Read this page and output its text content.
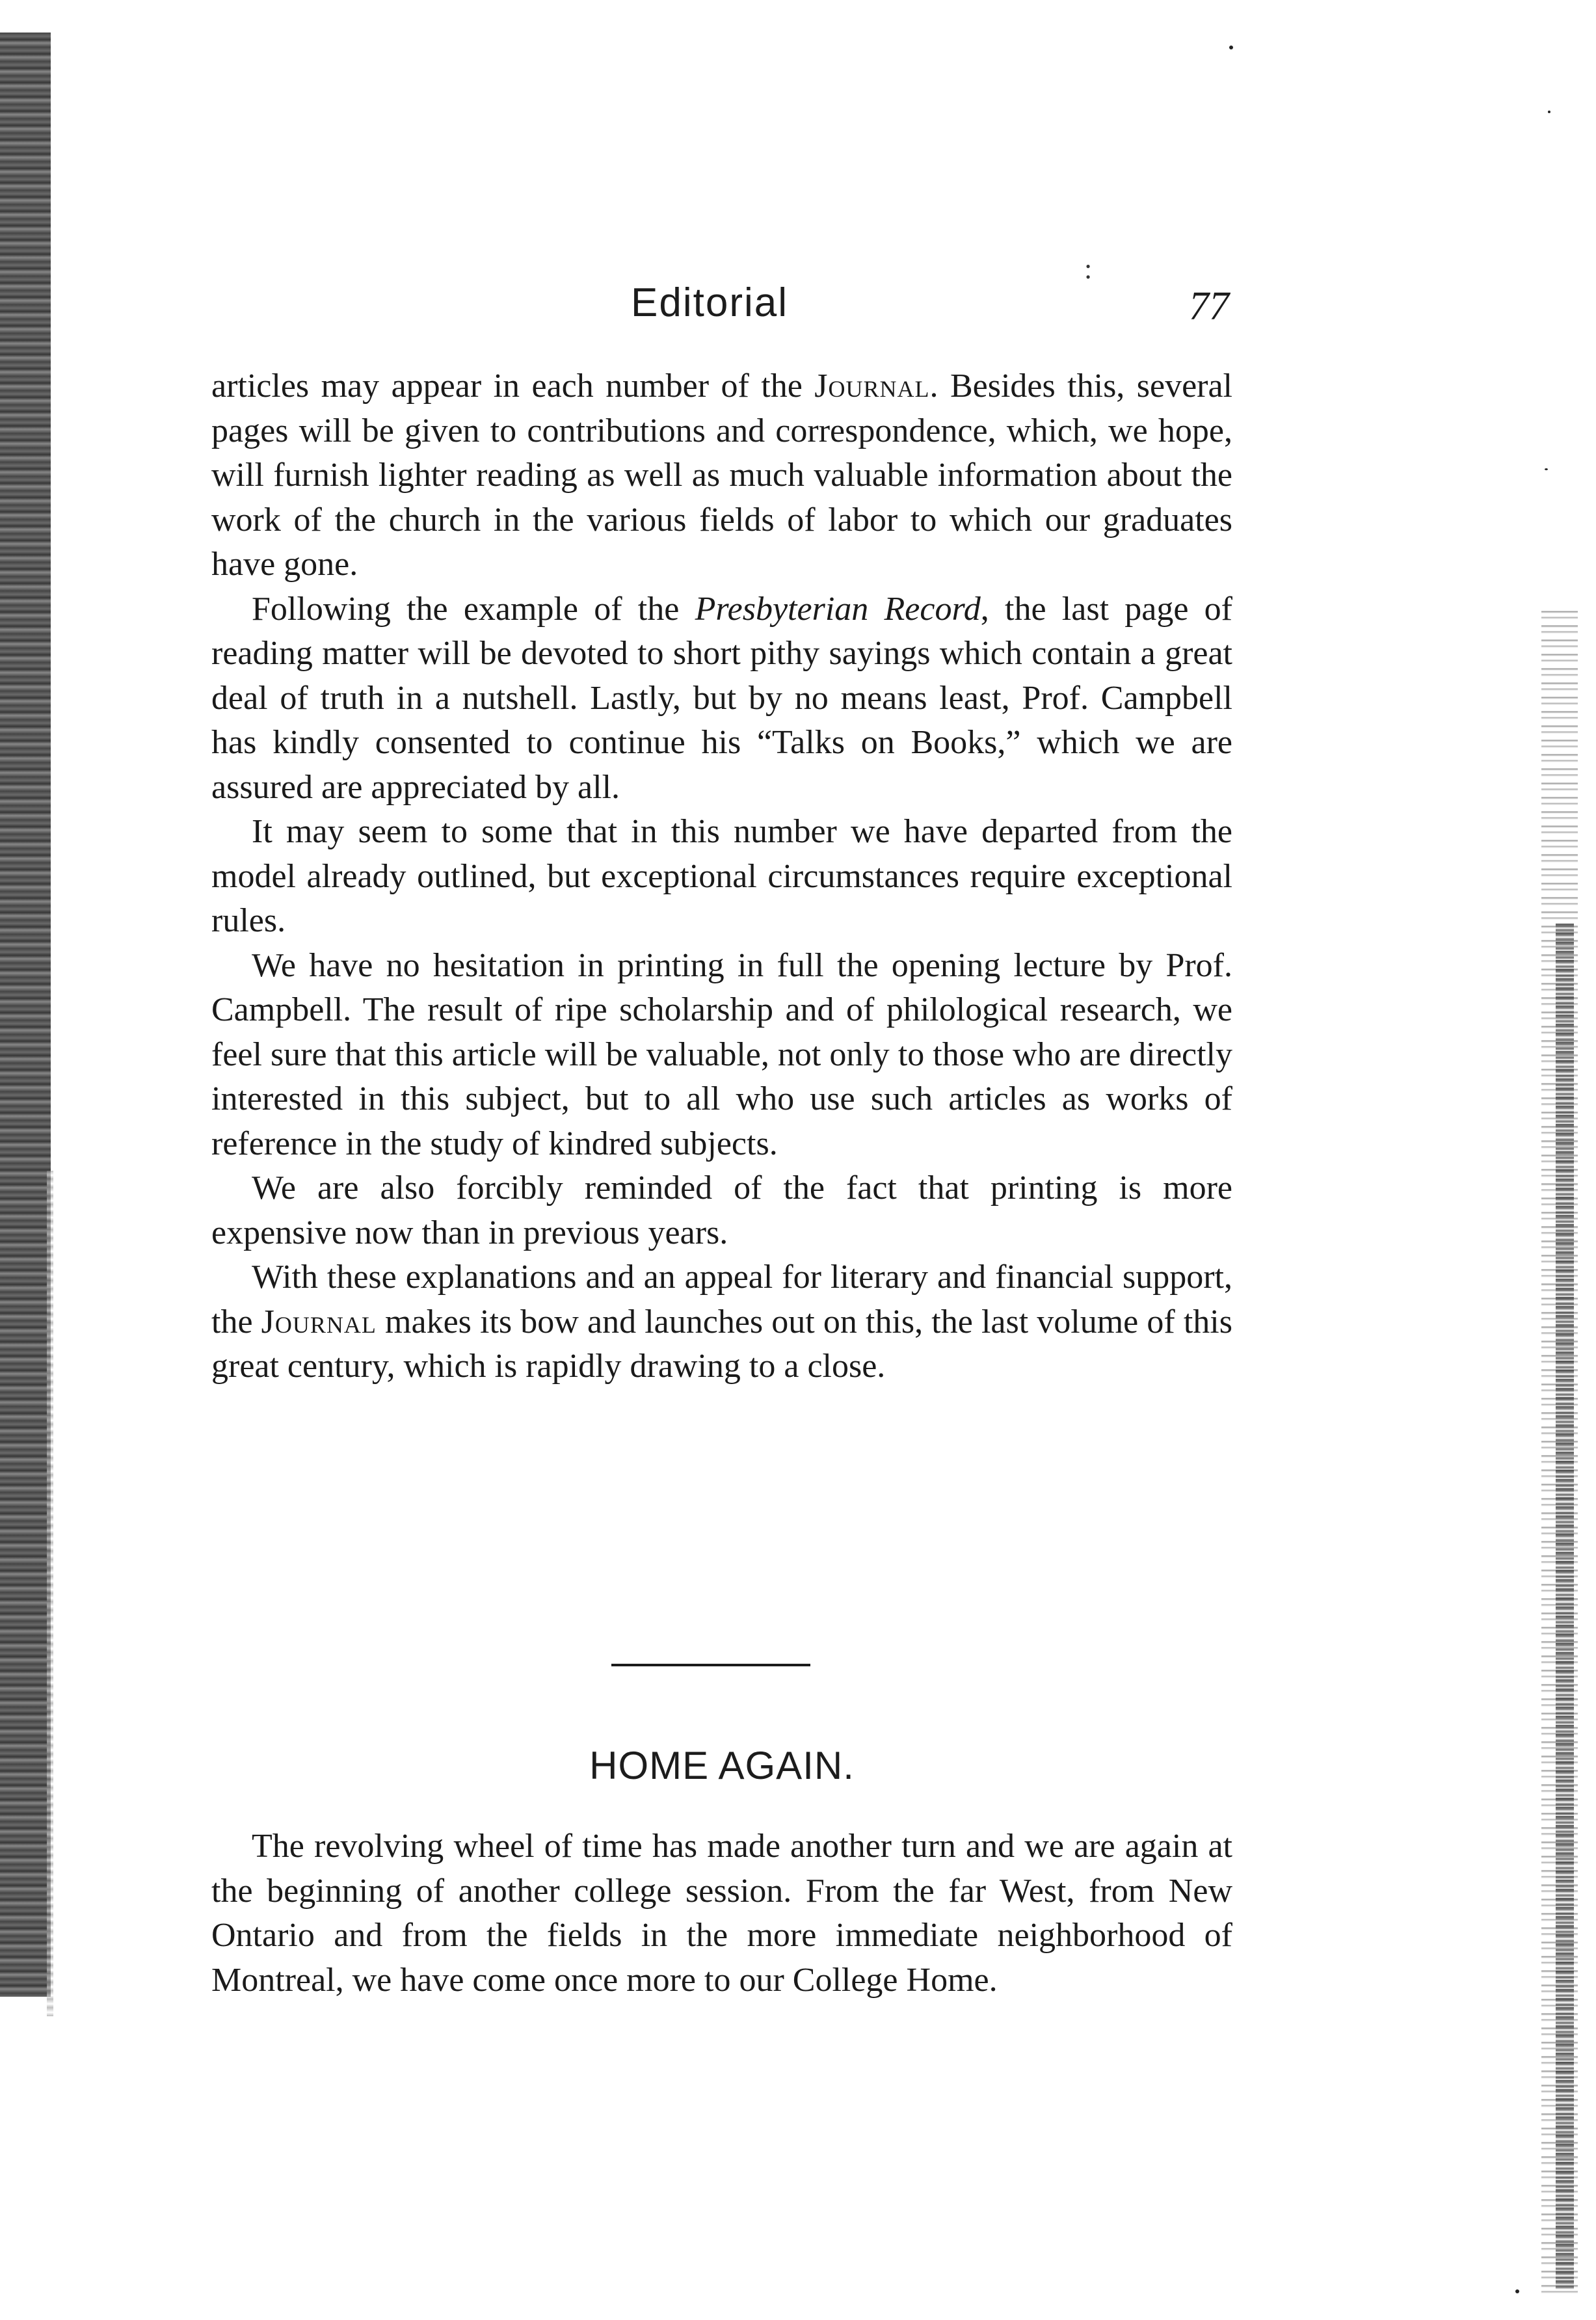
:
Editorial	77

articles may appear in each number of the Journal. Besides this, several pages will be given to contributions and correspondence, which, we hope, will furnish lighter reading as well as much valuable information about the work of the church in the various fields of labor to which our graduates have gone.

Following the example of the Presbyterian Record, the last page of reading matter will be devoted to short pithy sayings which contain a great deal of truth in a nutshell. Lastly, but by no means least, Prof. Campbell has kindly consented to continue his “Talks on Books,” which we are assured are appreciated by all.

It may seem to some that in this number we have departed from the model already outlined, but exceptional circumstances require exceptional rules.

We have no hesitation in printing in full the opening lecture by Prof. Campbell. The result of ripe scholarship and of philological research, we feel sure that this article will be valuable, not only to those who are directly interested in this subject, but to all who use such articles as works of reference in the study of kindred subjects.

We are also forcibly reminded of the fact that printing is more expensive now than in previous years.

With these explanations and an appeal for literary and financial support, the Journal makes its bow and launches out on this, the last volume of this great century, which is rapidly drawing to a close.

HOME AGAIN.

The revolving wheel of time has made another turn and we are again at the beginning of another college session. From the far West, from New Ontario and from the fields in the more immediate neighborhood of Montreal, we have come once more to our College Home.
